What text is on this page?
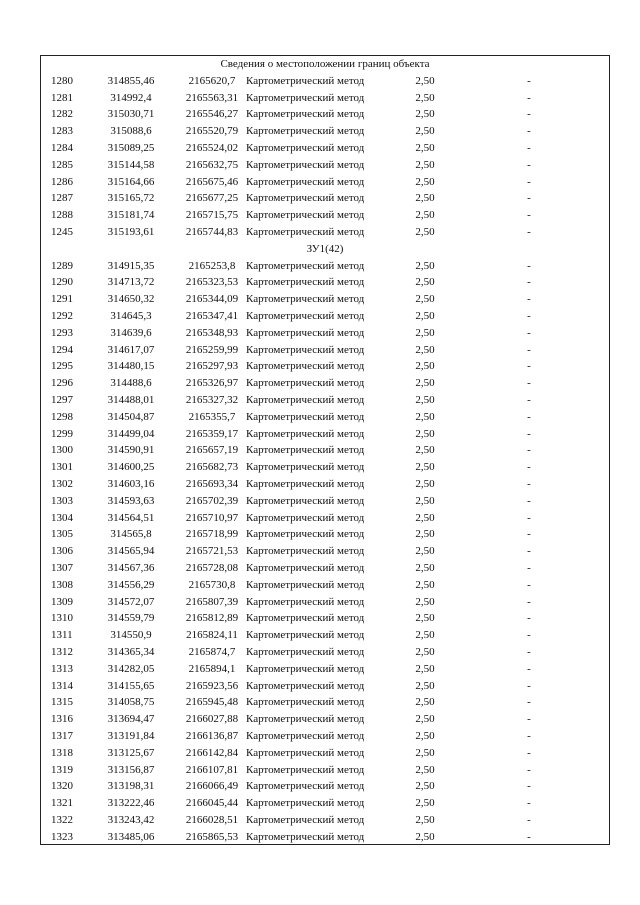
Сведения о местоположении границ объекта
1280	314855,46	2165620,7 Картометрический метод	2,50	-
1281	314992,4	2165563,31 Картометрический метод	2,50	-
1282	315030,71	2165546,27 Картометрический метод	2,50	-
1283	315088,6	2165520,79 Картометрический метод	2,50	-
1284	315089,25	2165524,02 Картометрический метод	2,50	-
1285	315144,58	2165632,75 Картометрический метод	2,50	-
1286	315164,66	2165675,46 Картометрический метод	2,50	-
1287	315165,72	2165677,25 Картометрический метод	2,50	-
1288	315181,74	2165715,75 Картометрический метод	2,50	-
1245	315193,61	2165744,83 Картометрический метод	2,50	-
ЗУ1(42)
1289	314915,35	2165253,8 Картометрический метод	2,50	-
1290	314713,72	2165323,53 Картометрический метод	2,50	-
1291	314650,32	2165344,09 Картометрический метод	2,50	-
1292	314645,3	2165347,41 Картометрический метод	2,50	-
1293	314639,6	2165348,93 Картометрический метод	2,50	-
1294	314617,07	2165259,99 Картометрический метод	2,50	-
1295	314480,15	2165297,93 Картометрический метод	2,50	-
1296	314488,6	2165326,97 Картометрический метод	2,50	-
1297	314488,01	2165327,32 Картометрический метод	2,50	-
1298	314504,87	2165355,7 Картометрический метод	2,50	-
1299	314499,04	2165359,17 Картометрический метод	2,50	-
1300	314590,91	2165657,19 Картометрический метод	2,50	-
1301	314600,25	2165682,73 Картометрический метод	2,50	-
1302	314603,16	2165693,34 Картометрический метод	2,50	-
1303	314593,63	2165702,39 Картометрический метод	2,50	-
1304	314564,51	2165710,97 Картометрический метод	2,50	-
1305	314565,8	2165718,99 Картометрический метод	2,50	-
1306	314565,94	2165721,53 Картометрический метод	2,50	-
1307	314567,36	2165728,08 Картометрический метод	2,50	-
1308	314556,29	2165730,8 Картометрический метод	2,50	-
1309	314572,07	2165807,39 Картометрический метод	2,50	-
1310	314559,79	2165812,89 Картометрический метод	2,50	-
1311	314550,9	2165824,11 Картометрический метод	2,50	-
1312	314365,34	2165874,7 Картометрический метод	2,50	-
1313	314282,05	2165894,1 Картометрический метод	2,50	-
1314	314155,65	2165923,56 Картометрический метод	2,50	-
1315	314058,75	2165945,48 Картометрический метод	2,50	-
1316	313694,47	2166027,88 Картометрический метод	2,50	-
1317	313191,84	2166136,87 Картометрический метод	2,50	-
1318	313125,67	2166142,84 Картометрический метод	2,50	-
1319	313156,87	2166107,81 Картометрический метод	2,50	-
1320	313198,31	2166066,49 Картометрический метод	2,50	-
1321	313222,46	2166045,44 Картометрический метод	2,50	-
1322	313243,42	2166028,51 Картометрический метод	2,50	-
1323	313485,06	2165865,53 Картометрический метод	2,50	-
